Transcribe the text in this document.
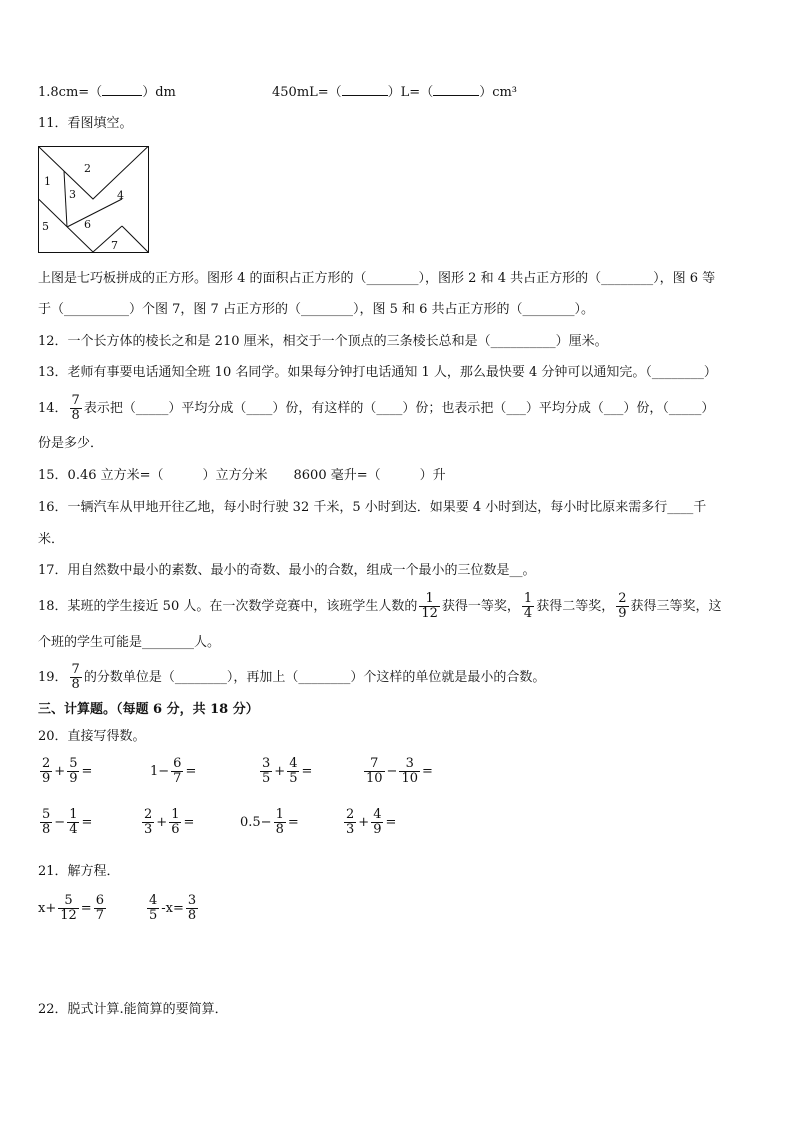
1.8cm=（	）dm	450mL=（	）L=（	）cm³
11．看图填空。
1
2
3	4
5	6
7
上图是七巧板拼成的正方形。图形 4 的面积占正方形的（________），图形 2 和 4 共占正方形的（________），图 6 等
于（__________）个图 7，图 7 占正方形的（________），图 5 和 6 共占正方形的（________）。
12．一个长方体的棱长之和是 210 厘米，相交于一个顶点的三条棱长总和是（__________）厘米。
13．老师有事要电话通知全班 10 名同学。如果每分钟打电话通知 1 人，那么最快要 4 分钟可以通知完。（________）
14． $\frac{7}{8}$ 表示把（_____）平均分成（____）份，有这样的（____）份；也表示把（___）平均分成（___）份，（_____）
份是多少．
15．0.46 立方米=（　　　）立方分米　　8600 毫升=（　　　）升
16．一辆汽车从甲地开往乙地，每小时行驶 32 千米，5 小时到达．如果要 4 小时到达，每小时比原来需多行____千
米．
17．用自然数中最小的素数、最小的奇数、最小的合数，组成一个最小的三位数是__。
18．某班的学生接近 50 人。在一次数学竞赛中，该班学生人数的 $\frac{1}{12}$ 获得一等奖， $\frac{1}{4}$ 获得二等奖， $\frac{2}{9}$ 获得三等奖，这
个班的学生可能是________人。
19． $\frac{7}{8}$ 的分数单位是（________），再加上（________）个这样的单位就是最小的合数。
三、计算题。（每题 6 分，共 18 分）
20．直接写得数。
$\frac{2}{9} + \frac{5}{9}$ =	$1- \frac{6}{7}$ =	$\frac{3}{5} + \frac{4}{5}$ =	$\frac{7}{10} - \frac{3}{10}$ =
$\frac{5}{8} - \frac{1}{4}$ =	$\frac{2}{3} + \frac{1}{6}$ =	$0.5- \frac{1}{8}$ =	$\frac{2}{3} + \frac{4}{9}$ =
21．解方程．
$x+ \frac{5}{12} = \frac{6}{7}$	$\frac{4}{5} -x= \frac{3}{8}$
22．脱式计算.能简算的要简算．
